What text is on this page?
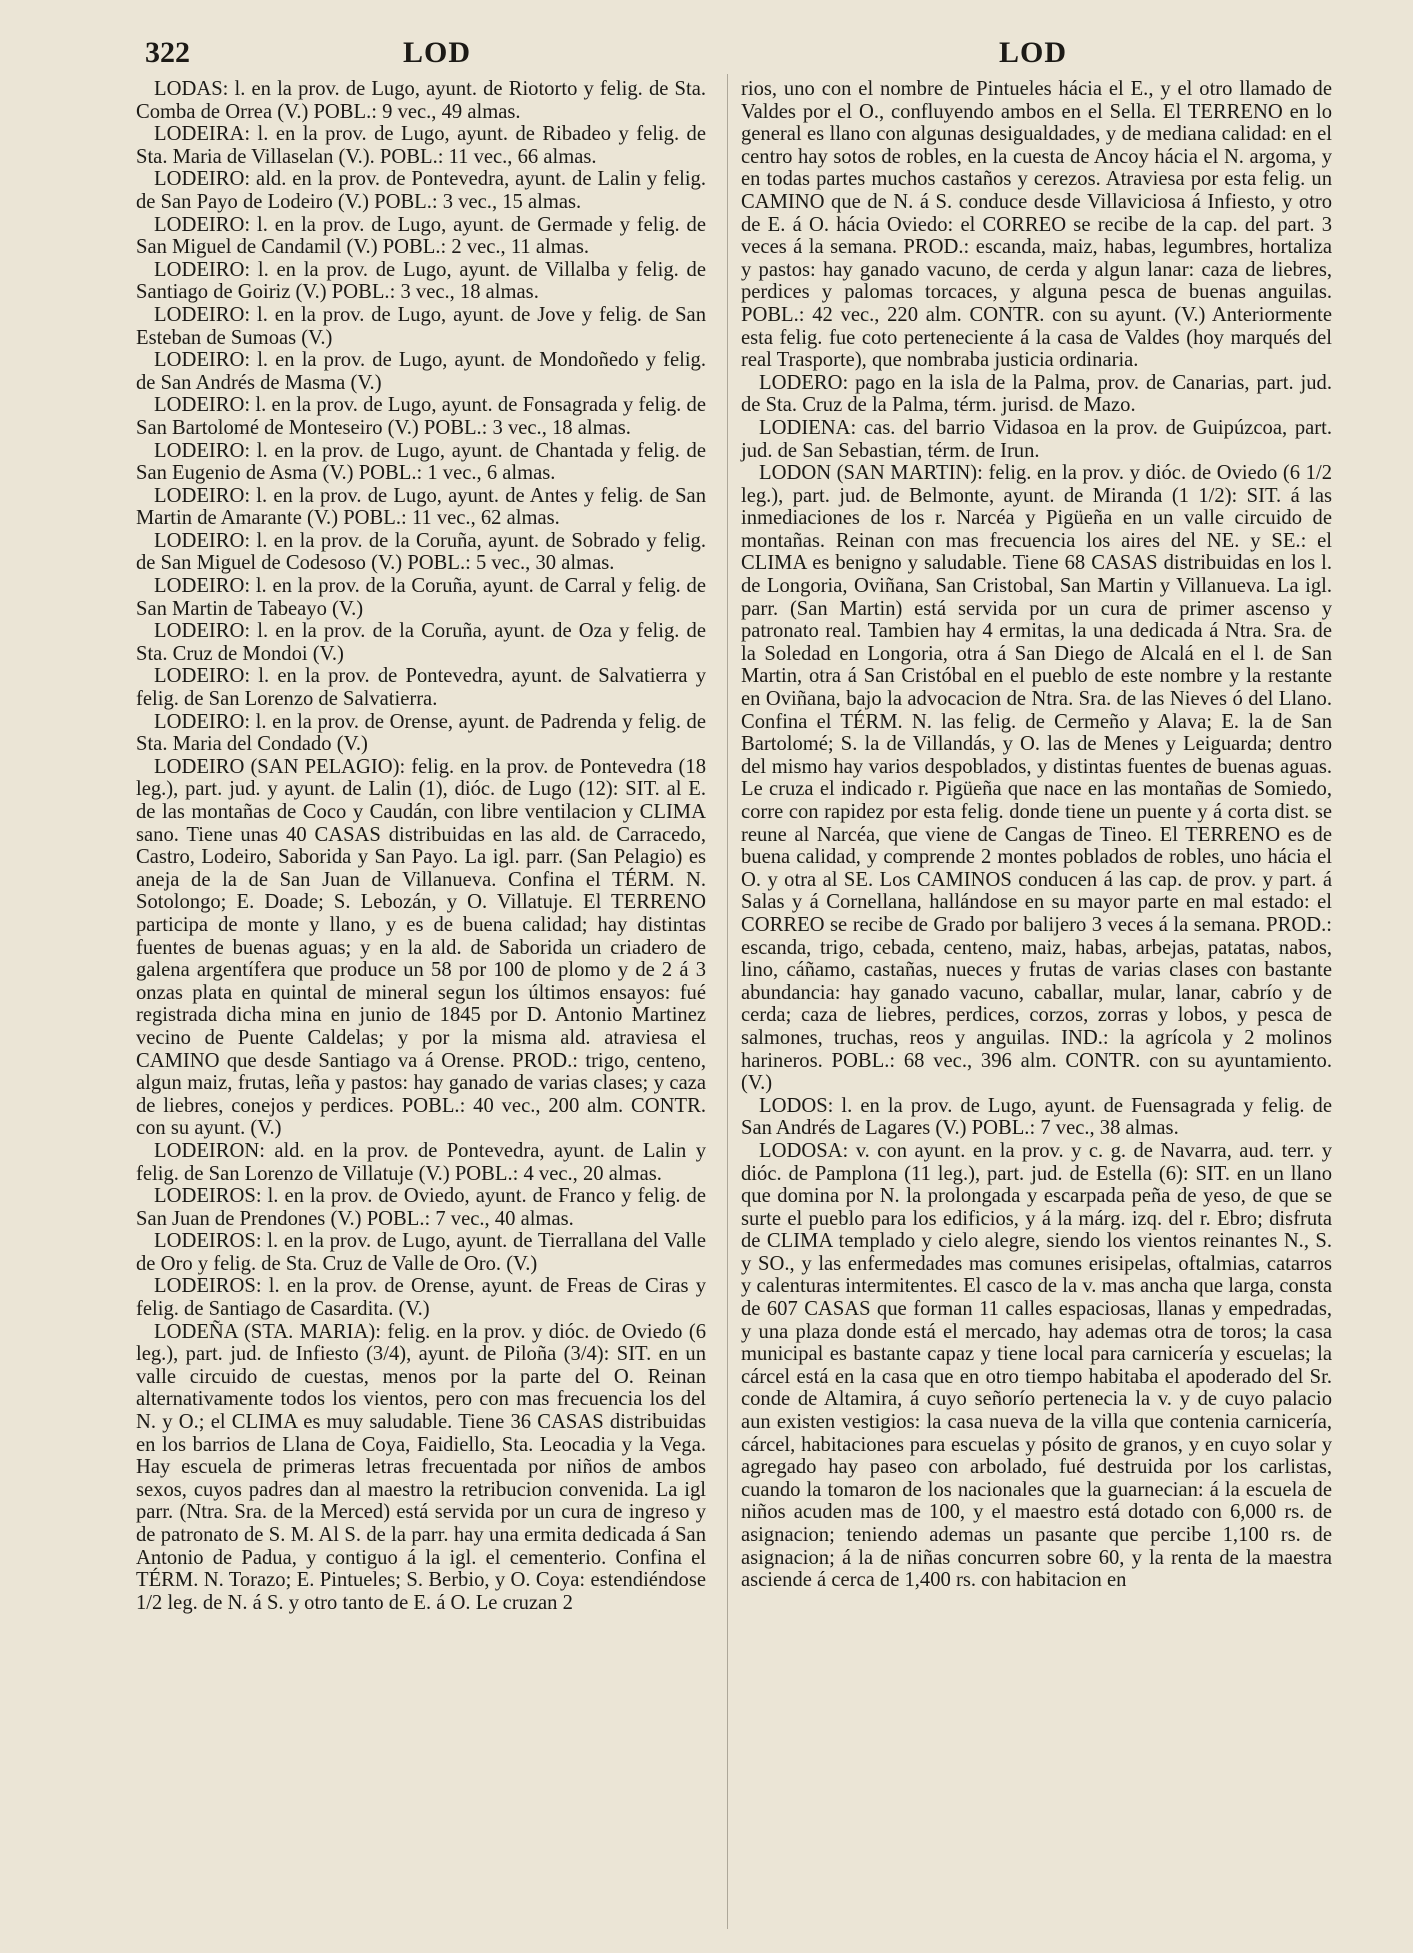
322	LOD	LOD

LODAS: l. en la prov. de Lugo, ayunt. de Riotorto y felig. de Sta. Comba de Orrea (V.) POBL.: 9 vec., 49 almas.

LODEIRA: l. en la prov. de Lugo, ayunt. de Ribadeo y felig. de Sta. Maria de Villaselan (V.). POBL.: 11 vec., 66 almas.

LODEIRO: ald. en la prov. de Pontevedra, ayunt. de Lalin y felig. de San Payo de Lodeiro (V.) POBL.: 3 vec., 15 almas.

LODEIRO: l. en la prov. de Lugo, ayunt. de Germade y felig. de San Miguel de Candamil (V.) POBL.: 2 vec., 11 almas.

LODEIRO: l. en la prov. de Lugo, ayunt. de Villalba y felig. de Santiago de Goiriz (V.) POBL.: 3 vec., 18 almas.

LODEIRO: l. en la prov. de Lugo, ayunt. de Jove y felig. de San Esteban de Sumoas (V.)

LODEIRO: l. en la prov. de Lugo, ayunt. de Mondoñedo y felig. de San Andrés de Masma (V.)

LODEIRO: l. en la prov. de Lugo, ayunt. de Fonsagrada y felig. de San Bartolomé de Monteseiro (V.) POBL.: 3 vec., 18 almas.

LODEIRO: l. en la prov. de Lugo, ayunt. de Chantada y felig. de San Eugenio de Asma (V.) POBL.: 1 vec., 6 almas.

LODEIRO: l. en la prov. de Lugo, ayunt. de Antes y felig. de San Martin de Amarante (V.) POBL.: 11 vec., 62 almas.

LODEIRO: l. en la prov. de la Coruña, ayunt. de Sobrado y felig. de San Miguel de Codesoso (V.) POBL.: 5 vec., 30 almas.

LODEIRO: l. en la prov. de la Coruña, ayunt. de Carral y felig. de San Martin de Tabeayo (V.)

LODEIRO: l. en la prov. de la Coruña, ayunt. de Oza y felig. de Sta. Cruz de Mondoi (V.)

LODEIRO: l. en la prov. de Pontevedra, ayunt. de Salvatierra y felig. de San Lorenzo de Salvatierra.

LODEIRO: l. en la prov. de Orense, ayunt. de Padrenda y felig. de Sta. Maria del Condado (V.)

LODEIRO (SAN PELAGIO): felig. en la prov. de Pontevedra (18 leg.), part. jud. y ayunt. de Lalin (1), dióc. de Lugo (12): SIT. al E. de las montañas de Coco y Caudán, con libre ventilacion y CLIMA sano. Tiene unas 40 CASAS distribuidas en las ald. de Carracedo, Castro, Lodeiro, Saborida y San Payo. La igl. parr. (San Pelagio) es aneja de la de San Juan de Villanueva. Confina el TÉRM. N. Sotolongo; E. Doade; S. Lebozán, y O. Villatuje. El TERRENO participa de monte y llano, y es de buena calidad; hay distintas fuentes de buenas aguas; y en la ald. de Saborida un criadero de galena argentífera que produce un 58 por 100 de plomo y de 2 á 3 onzas plata en quintal de mineral segun los últimos ensayos: fué registrada dicha mina en junio de 1845 por D. Antonio Martinez vecino de Puente Caldelas; y por la misma ald. atraviesa el CAMINO que desde Santiago va á Orense. PROD.: trigo, centeno, algun maiz, frutas, leña y pastos: hay ganado de varias clases; y caza de liebres, conejos y perdices. POBL.: 40 vec., 200 alm. CONTR. con su ayunt. (V.)

LODEIRON: ald. en la prov. de Pontevedra, ayunt. de Lalin y felig. de San Lorenzo de Villatuje (V.) POBL.: 4 vec., 20 almas.

LODEIROS: l. en la prov. de Oviedo, ayunt. de Franco y felig. de San Juan de Prendones (V.) POBL.: 7 vec., 40 almas.

LODEIROS: l. en la prov. de Lugo, ayunt. de Tierrallana del Valle de Oro y felig. de Sta. Cruz de Valle de Oro. (V.)

LODEIROS: l. en la prov. de Orense, ayunt. de Freas de Ciras y felig. de Santiago de Casardita. (V.)

LODEÑA (STA. MARIA): felig. en la prov. y dióc. de Oviedo (6 leg.), part. jud. de Infiesto (3/4), ayunt. de Piloña (3/4): SIT. en un valle circuido de cuestas, menos por la parte del O. Reinan alternativamente todos los vientos, pero con mas frecuencia los del N. y O.; el CLIMA es muy saludable. Tiene 36 CASAS distribuidas en los barrios de Llana de Coya, Faidiello, Sta. Leocadia y la Vega. Hay escuela de primeras letras frecuentada por niños de ambos sexos, cuyos padres dan al maestro la retribucion convenida. La igl parr. (Ntra. Sra. de la Merced) está servida por un cura de ingreso y de patronato de S. M. Al S. de la parr. hay una ermita dedicada á San Antonio de Padua, y contiguo á la igl. el cementerio. Confina el TÉRM. N. Torazo; E. Pintueles; S. Berbio, y O. Coya: estendiéndose 1/2 leg. de N. á S. y otro tanto de E. á O. Le cruzan 2

rios, uno con el nombre de Pintueles hácia el E., y el otro llamado de Valdes por el O., confluyendo ambos en el Sella. El TERRENO en lo general es llano con algunas desigualdades, y de mediana calidad: en el centro hay sotos de robles, en la cuesta de Ancoy hácia el N. argoma, y en todas partes muchos castaños y cerezos. Atraviesa por esta felig. un CAMINO que de N. á S. conduce desde Villaviciosa á Infiesto, y otro de E. á O. hácia Oviedo: el CORREO se recibe de la cap. del part. 3 veces á la semana. PROD.: escanda, maiz, habas, legumbres, hortaliza y pastos: hay ganado vacuno, de cerda y algun lanar: caza de liebres, perdices y palomas torcaces, y alguna pesca de buenas anguilas. POBL.: 42 vec., 220 alm. CONTR. con su ayunt. (V.) Anteriormente esta felig. fue coto perteneciente á la casa de Valdes (hoy marqués del real Trasporte), que nombraba justicia ordinaria.

LODERO: pago en la isla de la Palma, prov. de Canarias, part. jud. de Sta. Cruz de la Palma, térm. jurisd. de Mazo.

LODIENA: cas. del barrio Vidasoa en la prov. de Guipúzcoa, part. jud. de San Sebastian, térm. de Irun.

LODON (SAN MARTIN): felig. en la prov. y dióc. de Oviedo (6 1/2 leg.), part. jud. de Belmonte, ayunt. de Miranda (1 1/2): SIT. á las inmediaciones de los r. Narcéa y Pigüeña en un valle circuido de montañas. Reinan con mas frecuencia los aires del NE. y SE.: el CLIMA es benigno y saludable. Tiene 68 CASAS distribuidas en los l. de Longoria, Oviñana, San Cristobal, San Martin y Villanueva. La igl. parr. (San Martin) está servida por un cura de primer ascenso y patronato real. Tambien hay 4 ermitas, la una dedicada á Ntra. Sra. de la Soledad en Longoria, otra á San Diego de Alcalá en el l. de San Martin, otra á San Cristóbal en el pueblo de este nombre y la restante en Oviñana, bajo la advocacion de Ntra. Sra. de las Nieves ó del Llano. Confina el TÉRM. N. las felig. de Cermeño y Alava; E. la de San Bartolomé; S. la de Villandás, y O. las de Menes y Leiguarda; dentro del mismo hay varios despoblados, y distintas fuentes de buenas aguas. Le cruza el indicado r. Pigüeña que nace en las montañas de Somiedo, corre con rapidez por esta felig. donde tiene un puente y á corta dist. se reune al Narcéa, que viene de Cangas de Tineo. El TERRENO es de buena calidad, y comprende 2 montes poblados de robles, uno hácia el O. y otra al SE. Los CAMINOS conducen á las cap. de prov. y part. á Salas y á Cornellana, hallándose en su mayor parte en mal estado: el CORREO se recibe de Grado por balijero 3 veces á la semana. PROD.: escanda, trigo, cebada, centeno, maiz, habas, arbejas, patatas, nabos, lino, cáñamo, castañas, nueces y frutas de varias clases con bastante abundancia: hay ganado vacuno, caballar, mular, lanar, cabrío y de cerda; caza de liebres, perdices, corzos, zorras y lobos, y pesca de salmones, truchas, reos y anguilas. IND.: la agrícola y 2 molinos harineros. POBL.: 68 vec., 396 alm. CONTR. con su ayuntamiento. (V.)

LODOS: l. en la prov. de Lugo, ayunt. de Fuensagrada y felig. de San Andrés de Lagares (V.) POBL.: 7 vec., 38 almas.

LODOSA: v. con ayunt. en la prov. y c. g. de Navarra, aud. terr. y dióc. de Pamplona (11 leg.), part. jud. de Estella (6): SIT. en un llano que domina por N. la prolongada y escarpada peña de yeso, de que se surte el pueblo para los edificios, y á la márg. izq. del r. Ebro; disfruta de CLIMA templado y cielo alegre, siendo los vientos reinantes N., S. y SO., y las enfermedades mas comunes erisipelas, oftalmias, catarros y calenturas intermitentes. El casco de la v. mas ancha que larga, consta de 607 CASAS que forman 11 calles espaciosas, llanas y empedradas, y una plaza donde está el mercado, hay ademas otra de toros; la casa municipal es bastante capaz y tiene local para carnicería y escuelas; la cárcel está en la casa que en otro tiempo habitaba el apoderado del Sr. conde de Altamira, á cuyo señorío pertenecia la v. y de cuyo palacio aun existen vestigios: la casa nueva de la villa que contenia carnicería, cárcel, habitaciones para escuelas y pósito de granos, y en cuyo solar y agregado hay paseo con arbolado, fué destruida por los carlistas, cuando la tomaron de los nacionales que la guarnecian: á la escuela de niños acuden mas de 100, y el maestro está dotado con 6,000 rs. de asignacion; teniendo ademas un pasante que percibe 1,100 rs. de asignacion; á la de niñas concurren sobre 60, y la renta de la maestra asciende á cerca de 1,400 rs. con habitacion en
